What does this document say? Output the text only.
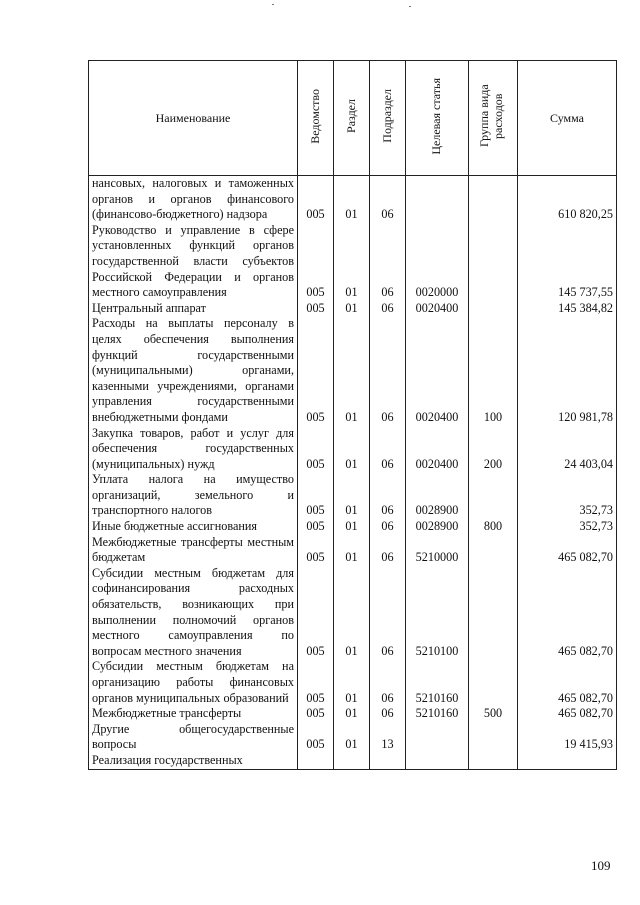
Наименование	Ведомство	Раздел	Подраздел	Целевая статья	Группа вида расходов	Сумма
нансовых, налоговых и таможенных органов и органов финансового (финансово-бюджетного) надзора	005	01	06			610 820,25
Руководство и управление в сфере установленных функций органов государственной власти субъектов Российской Федерации и органов местного самоуправления	005	01	06	0020000		145 737,55
Центральный аппарат	005	01	06	0020400		145 384,82
Расходы на выплаты персоналу в целях обеспечения выполнения функций государственными (муниципальными) органами, казенными учреждениями, органами управления государственными внебюджетными фондами	005	01	06	0020400	100	120 981,78
Закупка товаров, работ и услуг для обеспечения государственных (муниципальных) нужд	005	01	06	0020400	200	24 403,04
Уплата налога на имущество организаций, земельного и транспортного налогов	005	01	06	0028900		352,73
Иные бюджетные ассигнования	005	01	06	0028900	800	352,73
Межбюджетные трансферты местным бюджетам	005	01	06	5210000		465 082,70
Субсидии местным бюджетам для софинансирования расходных обязательств, возникающих при выполнении полномочий органов местного самоуправления по вопросам местного значения	005	01	06	5210100		465 082,70
Субсидии местным бюджетам на организацию работы финансовых органов муниципальных образований	005	01	06	5210160		465 082,70
Межбюджетные трансферты	005	01	06	5210160	500	465 082,70
Другие общегосударственные вопросы	005	01	13			19 415,93
Реализация государственных						
109
